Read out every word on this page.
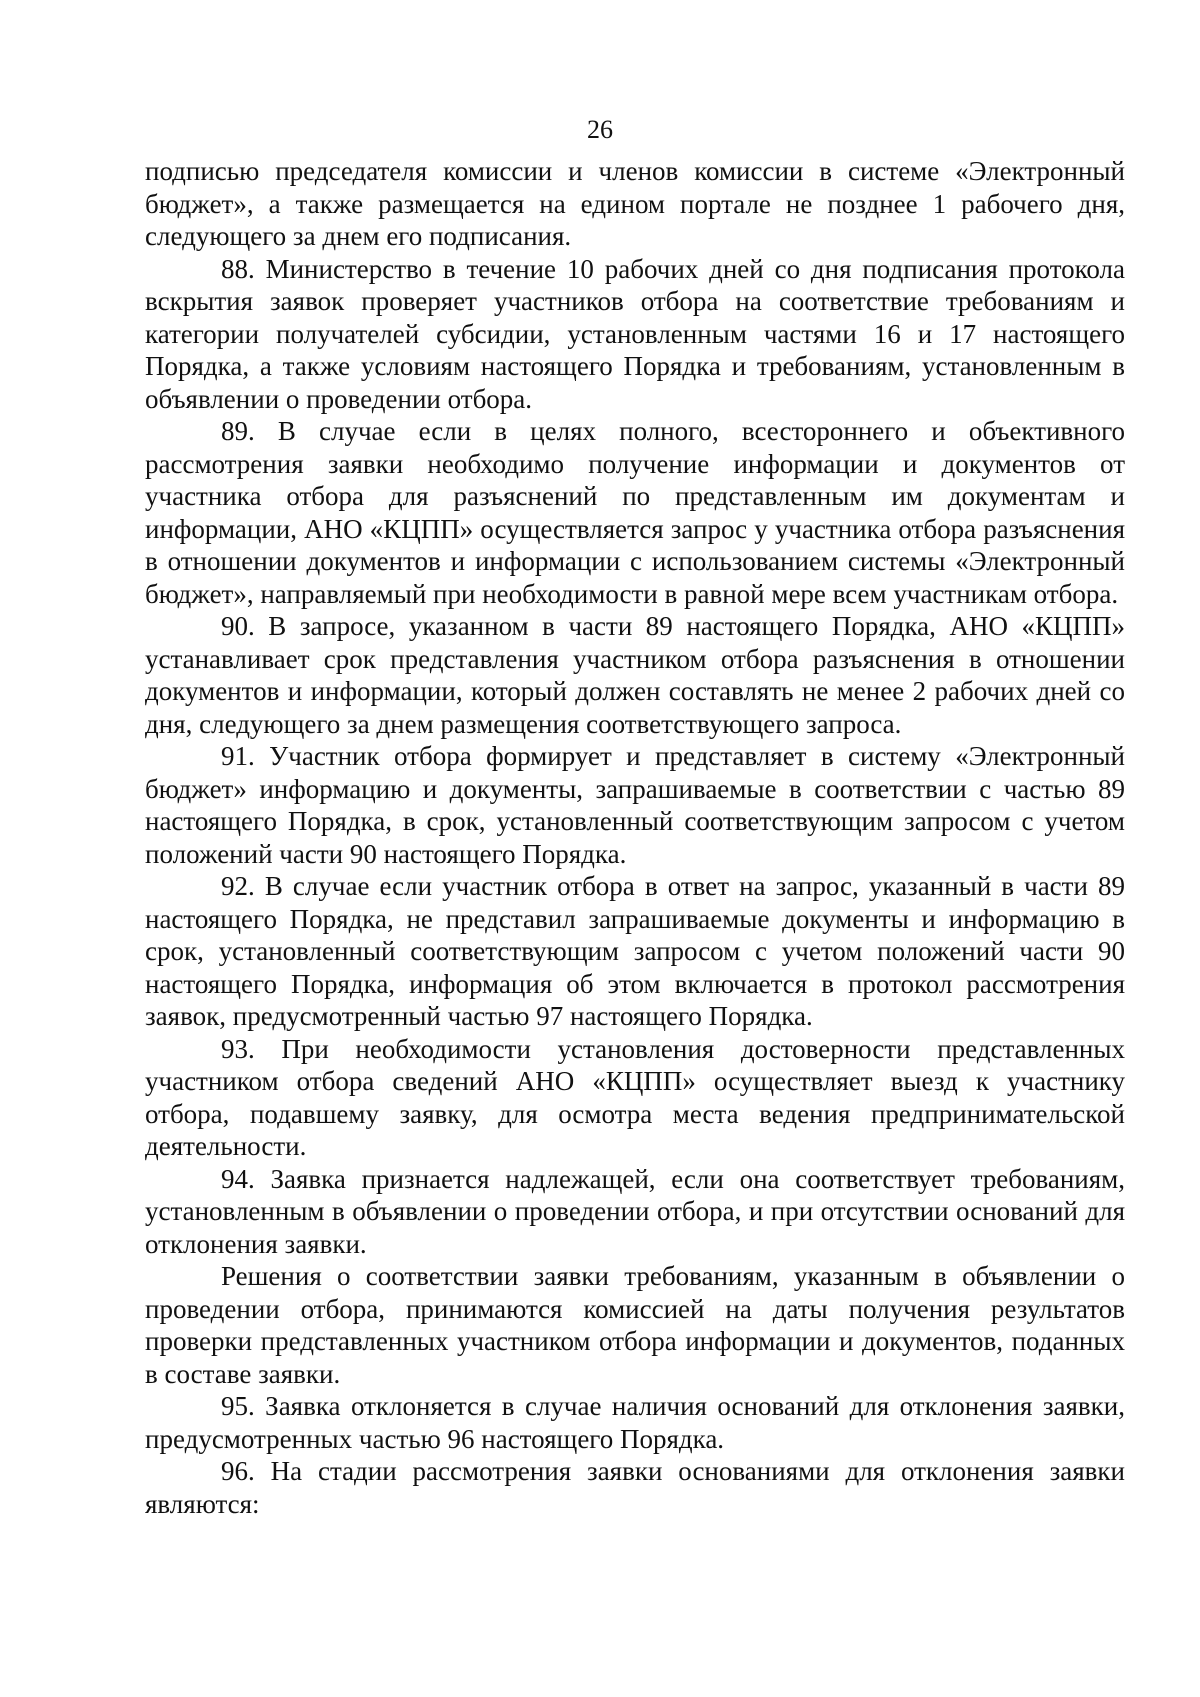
26

подписью председателя комиссии и членов комиссии в системе «Электронный бюджет», а также размещается на едином портале не позднее 1 рабочего дня, следующего за днем его подписания.

88. Министерство в течение 10 рабочих дней со дня подписания протокола вскрытия заявок проверяет участников отбора на соответствие требованиям и категории получателей субсидии, установленным частями 16 и 17 настоящего Порядка, а также условиям настоящего Порядка и требованиям, установленным в объявлении о проведении отбора.

89. В случае если в целях полного, всестороннего и объективного рассмотрения заявки необходимо получение информации и документов от участника отбора для разъяснений по представленным им документам и информации, АНО «КЦПП» осуществляется запрос у участника отбора разъяснения в отношении документов и информации с использованием системы «Электронный бюджет», направляемый при необходимости в равной мере всем участникам отбора.

90. В запросе, указанном в части 89 настоящего Порядка, АНО «КЦПП» устанавливает срок представления участником отбора разъяснения в отношении документов и информации, который должен составлять не менее 2 рабочих дней со дня, следующего за днем размещения соответствующего запроса.

91. Участник отбора формирует и представляет в систему «Электронный бюджет» информацию и документы, запрашиваемые в соответствии с частью 89 настоящего Порядка, в срок, установленный соответствующим запросом с учетом положений части 90 настоящего Порядка.

92. В случае если участник отбора в ответ на запрос, указанный в части 89 настоящего Порядка, не представил запрашиваемые документы и информацию в срок, установленный соответствующим запросом с учетом положений части 90 настоящего Порядка, информация об этом включается в протокол рассмотрения заявок, предусмотренный частью 97 настоящего Порядка.

93. При необходимости установления достоверности представленных участником отбора сведений АНО «КЦПП» осуществляет выезд к участнику отбора, подавшему заявку, для осмотра места ведения предпринимательской деятельности.

94. Заявка признается надлежащей, если она соответствует требованиям, установленным в объявлении о проведении отбора, и при отсутствии оснований для отклонения заявки.

Решения о соответствии заявки требованиям, указанным в объявлении о проведении отбора, принимаются комиссией на даты получения результатов проверки представленных участником отбора информации и документов, поданных в составе заявки.

95. Заявка отклоняется в случае наличия оснований для отклонения заявки, предусмотренных частью 96 настоящего Порядка.

96. На стадии рассмотрения заявки основаниями для отклонения заявки являются:
